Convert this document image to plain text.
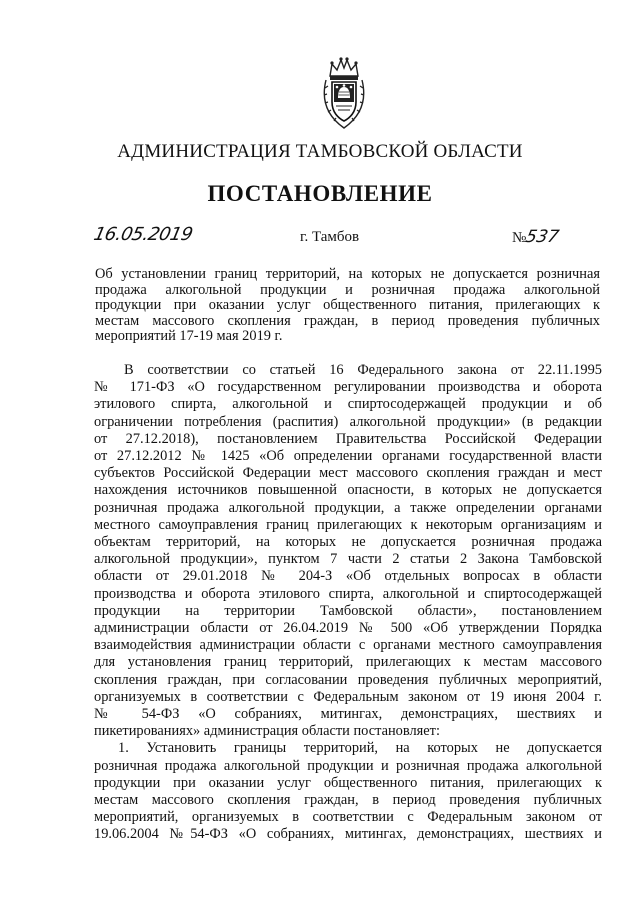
АДМИНИСТРАЦИЯ ТАМБОВСКОЙ ОБЛАСТИ
ПОСТАНОВЛЕНИЕ
16.05.2019	г. Тамбов	№537
Об установлении границ территорий, на которых не допускается розничная
продажа алкогольной продукции и розничная продажа алкогольной
продукции при оказании услуг общественного питания, прилегающих к
местам массового скопления граждан, в период проведения публичных
мероприятий 17-19 мая 2019 г.
В соответствии со статьей 16 Федерального закона от 22.11.1995
№ 171-ФЗ «О государственном регулировании производства и оборота
этилового спирта, алкогольной и спиртосодержащей продукции и об
ограничении потребления (распития) алкогольной продукции» (в редакции
от 27.12.2018), постановлением Правительства Российской Федерации
от 27.12.2012 № 1425 «Об определении органами государственной власти
субъектов Российской Федерации мест массового скопления граждан и мест
нахождения источников повышенной опасности, в которых не допускается
розничная продажа алкогольной продукции, а также определении органами
местного самоуправления границ прилегающих к некоторым организациям и
объектам территорий, на которых не допускается розничная продажа
алкогольной продукции», пунктом 7 части 2 статьи 2 Закона Тамбовской
области от 29.01.2018 № 204-З «Об отдельных вопросах в области
производства и оборота этилового спирта, алкогольной и спиртосодержащей
продукции на территории Тамбовской области», постановлением
администрации области от 26.04.2019 № 500 «Об утверждении Порядка
взаимодействия администрации области с органами местного самоуправления
для установления границ территорий, прилегающих к местам массового
скопления граждан, при согласовании проведения публичных мероприятий,
организуемых в соответствии с Федеральным законом от 19 июня 2004 г.
№ 54-ФЗ «О собраниях, митингах, демонстрациях, шествиях и
пикетированиях» администрация области постановляет:
1. Установить границы территорий, на которых не допускается
розничная продажа алкогольной продукции и розничная продажа алкогольной
продукции при оказании услуг общественного питания, прилегающих к
местам массового скопления граждан, в период проведения публичных
мероприятий, организуемых в соответствии с Федеральным законом от
19.06.2004 №54-ФЗ «О собраниях, митингах, демонстрациях, шествиях и
